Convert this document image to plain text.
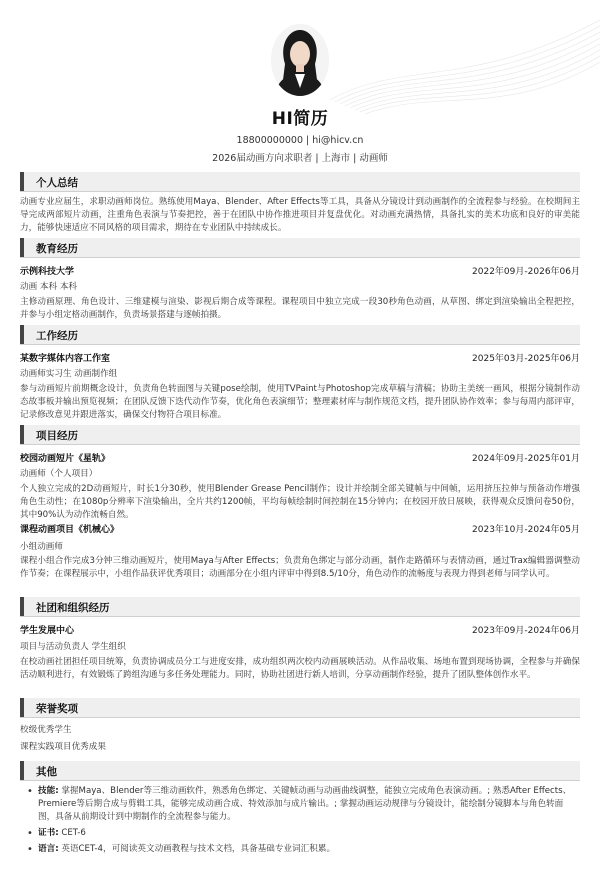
HI简历
18800000000 | hi@hicv.cn
2026届动画方向求职者 | 上海市 | 动画师
个人总结
动画专业应届生，求职动画师岗位。熟练使用Maya、Blender、After Effects等工具，具备从分镜设计到动画制作的全流程参与经验。在校期间主导完成两部短片动画，注重角色表演与节奏把控，善于在团队中协作推进项目并复盘优化。对动画充满热情，具备扎实的美术功底和良好的审美能力，能够快速适应不同风格的项目需求，期待在专业团队中持续成长。
教育经历
示例科技大学	2022年09月-2026年06月
动画 本科 本科
主修动画原理、角色设计、三维建模与渲染、影视后期合成等课程。课程项目中独立完成一段30秒角色动画，从草图、绑定到渲染输出全程把控，并参与小组定格动画制作，负责场景搭建与逐帧拍摄。
工作经历
某数字媒体内容工作室	2025年03月-2025年06月
动画师实习生 动画制作组
参与动画短片前期概念设计，负责角色转面图与关键pose绘制，使用TVPaint与Photoshop完成草稿与清稿；协助主美统一画风，根据分镜制作动态故事板并输出预览视频；在团队反馈下迭代动作节奏，优化角色表演细节；整理素材库与制作规范文档，提升团队协作效率；参与每周内部评审，记录修改意见并跟进落实，确保交付物符合项目标准。
项目经历
校园动画短片《星轨》	2024年09月-2025年01月
动画师（个人项目）
个人独立完成的2D动画短片，时长1分30秒，使用Blender Grease Pencil制作；设计并绘制全部关键帧与中间帧，运用挤压拉伸与预备动作增强角色生动性；在1080p分辨率下渲染输出，全片共约1200帧，平均每帧绘制时间控制在15分钟内；在校园开放日展映，获得观众反馈问卷50份，其中90%认为动作流畅自然。
课程动画项目《机械心》	2023年10月-2024年05月
小组动画师
课程小组合作完成3分钟三维动画短片，使用Maya与After Effects；负责角色绑定与部分动画，制作走路循环与表情动画，通过Trax编辑器调整动作节奏；在课程展示中，小组作品获评优秀项目；动画部分在小组内评审中得到8.5/10分，角色动作的流畅度与表现力得到老师与同学认可。
社团和组织经历
学生发展中心	2023年09月-2024年06月
项目与活动负责人 学生组织
在校动画社团担任项目统筹，负责协调成员分工与进度安排，成功组织两次校内动画展映活动。从作品收集、场地布置到现场协调，全程参与并确保活动顺利进行，有效锻炼了跨组沟通与多任务处理能力。同时，协助社团进行新人培训，分享动画制作经验，提升了团队整体创作水平。
荣誉奖项
校级优秀学生
课程实践项目优秀成果
其他
• 技能: 掌握Maya、Blender等三维动画软件，熟悉角色绑定、关键帧动画与动画曲线调整，能独立完成角色表演动画。; 熟悉After Effects、Premiere等后期合成与剪辑工具，能够完成动画合成、特效添加与成片输出。; 掌握动画运动规律与分镜设计，能绘制分镜脚本与角色转面图，具备从前期设计到中期制作的全流程参与能力。
• 证书: CET-6
• 语言: 英语CET-4，可阅读英文动画教程与技术文档，具备基础专业词汇积累。
